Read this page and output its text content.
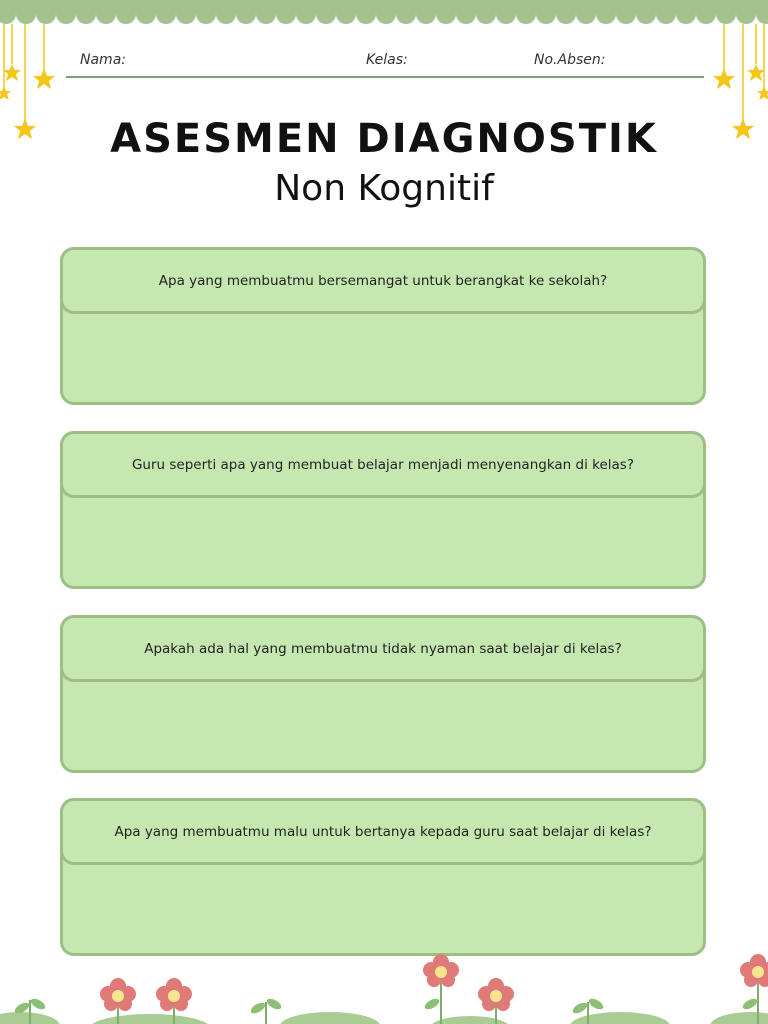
Nama:	Kelas:	No.Absen:
ASESMEN DIAGNOSTIK
Non Kognitif
Apa yang membuatmu bersemangat untuk berangkat ke sekolah?
Guru seperti apa yang membuat belajar menjadi menyenangkan di kelas?
Apakah ada hal yang membuatmu tidak nyaman saat belajar di kelas?
Apa yang membuatmu malu untuk bertanya kepada guru saat belajar di kelas?
